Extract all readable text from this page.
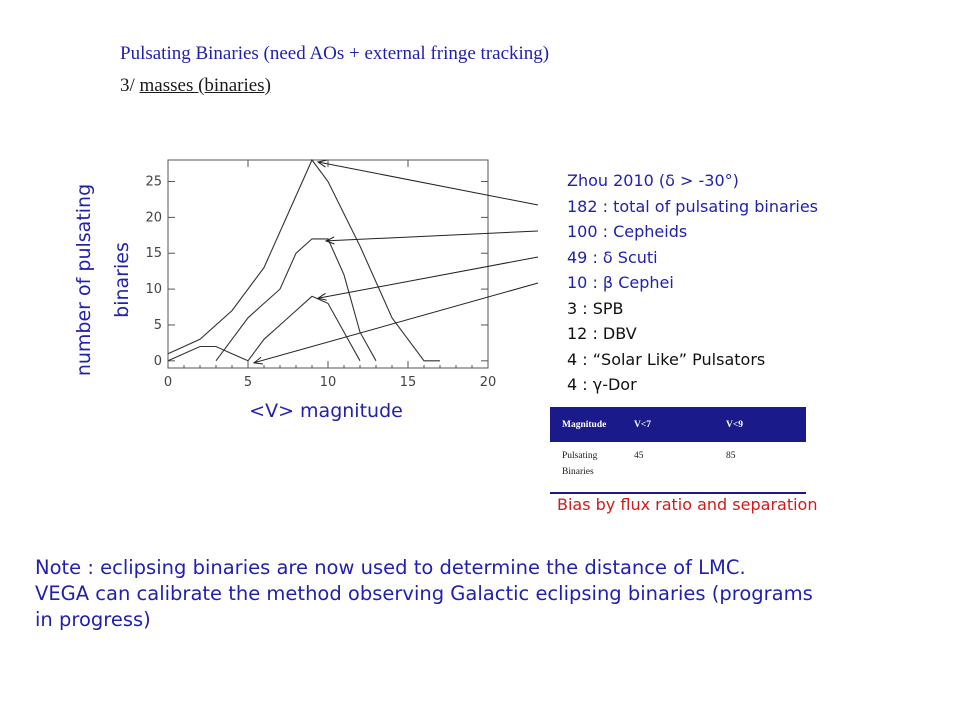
Pulsating Binaries (need AOs + external fringe tracking)
3/ masses (binaries)
0	5	10	15	20
0
5
10
15
20
25
number of pulsating binaries
<V> magnitude
Zhou 2010 (δ > -30°)
182 : total of pulsating binaries
100 : Cepheids
49 : δ Scuti
10 : β Cephei
3 : SPB
12 : DBV
4 : “Solar Like” Pulsators
4 : γ-Dor
Magnitude	V<7	V<9
Pulsating
Binaries	45	85
Bias by flux ratio and separation
Note : eclipsing binaries are now used to determine the distance of LMC.
VEGA can calibrate the method observing Galactic eclipsing binaries (programs
in progress)
